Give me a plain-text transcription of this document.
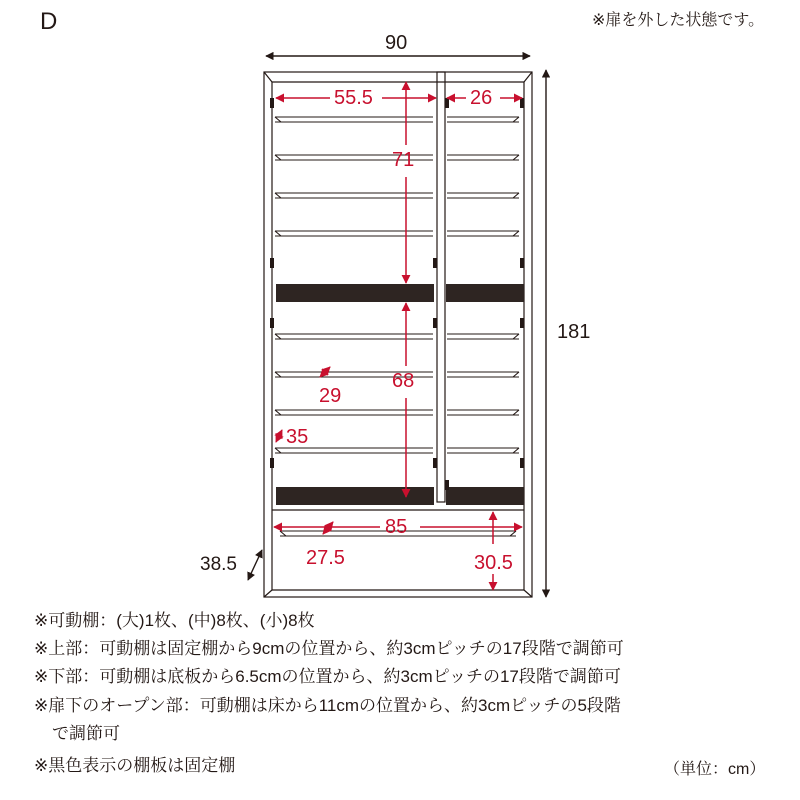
D	※扉を外した状態です。
90
181
38.5
55.5	26
71
68
29
35
85
27.5	30.5
※可動棚：(大)1枚、(中)8枚、(小)8枚
※上部：可動棚は固定棚から9cmの位置から、約3cmピッチの17段階で調節可
※下部：可動棚は底板から6.5cmの位置から、約3cmピッチの17段階で調節可
※扉下のオープン部：可動棚は床から11cmの位置から、約3cmピッチの5段階
で調節可
※黒色表示の棚板は固定棚	（単位：cm）
